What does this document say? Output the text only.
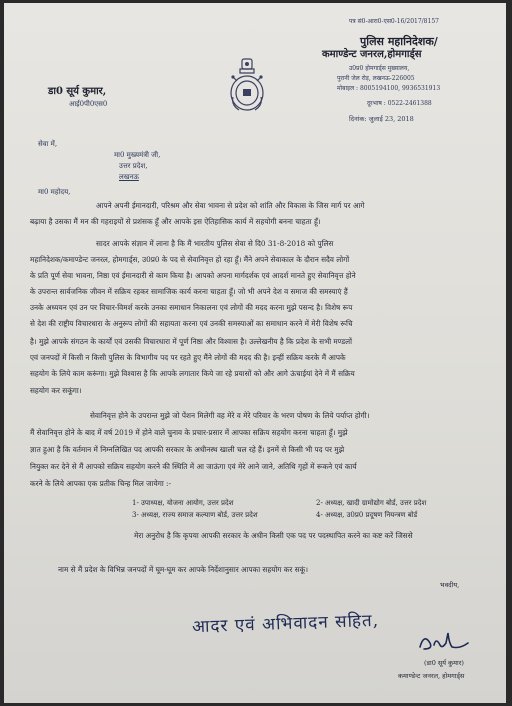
पत्र सं0-आरा0-एस0-16/2017/8157
पुलिस महानिदेशक/
कमाण्डेन्ट जनरल,होमगार्ड्स
उ0प्र0 होमगार्ड्स मुख्यालय,
पुरानी जेल रोड़, लखनऊ-226005
मोबाइल : 8005194100, 9936531913
दूरभाष : 0522-2461388
दिनांक: जुलाई 23, 2018
डा0 सूर्य कुमार,
आई0पी0एस0
सेवा में,
मा0 मुख्यमंत्री जी,
उत्तर प्रदेश,
लखनऊ
मा0 महोदय,
आपने अपनी ईमानदारी, परिश्रम और सेवा भावना से प्रदेश को शांति और विकास के जिस मार्ग पर आगे
बढ़ाया है उसका मैं मन की गहराइयों से प्रशंसक हूँ और आपके इस ऐतिहासिक कार्य में सहयोगी बनना चाहता हूँ।
सादर आपके संज्ञान में लाना है कि मैं भारतीय पुलिस सेवा से दि0 31-8-2018 को पुलिस
महानिदेशक/कमाण्डेन्ट जनरल, होमगार्ड्स, उ0प्र0 के पद से सेवानिवृत्त हो रहा हूँ। मैंने अपने सेवाकाल के दौरान सदैव लोगों
के प्रति पूर्ण सेवा भावना, निष्ठा एवं ईमानदारी से काम किया है। आपको अपना मार्गदर्शक एवं आदर्श मानते हुए सेवानिवृत्त होने
के उपरान्त सार्वजनिक जीवन में सक्रिय रहकर सामाजिक कार्य करना चाहता हूँ। जो भी अपने देश व समाज की समस्याएं हैं
उनके अध्ययन एवं उन पर विचार-विमर्श करके उनका समाधान निकालना एवं लोगों की मदद करना मुझे पसन्द है। विशेष रूप
से देश की राष्ट्रीय विचारधारा के अनुरूप लोगों की सहायता करना एवं उनकी समस्याओं का समाधान करने में मेरी विशेष रूचि
है। मुझे आपके संगठन के कार्यों एवं उसकी विचारधारा में पूर्ण निष्ठा और विश्वास है। उल्लेखनीय है कि प्रदेश के सभी मण्डलों
एवं जनपदों में किसी न किसी पुलिस के विभागीय पद पर रहते हुए मैंने लोगों की मदद की है। इन्हीं सक्रिय करके मैं आपके
सहयोग के लिये काम करूंगा। मुझे विश्वास है कि आपके लगातार किये जा रहे प्रयासों को और आगे ऊंचाईयां देने में मैं सक्रिय
सहयोग कर सकूंगा।
सेवानिवृत्त होने के उपरान्त मुझे जो पेंशन मिलेगी वह मेरे व मेरे परिवार के भरण पोषण के लिये पर्याप्त होगी।
मैं सेवानिवृत्त होने के बाद में वर्ष 2019 में होने वाले चुनाव के प्रचार-प्रसार में आपका सक्रिय सहयोग करना चाहता हूँ। मुझे
ज्ञात हुआ है कि वर्तमान में निम्नलिखित पद आपकी सरकार के अधीनस्थ खाली चल रहे हैं। इनमें से किसी भी पद पर मुझे
नियुक्त कर देने से मैं आपको सक्रिय सहयोग करने की स्थिति में आ जाऊंगा एवं मेरे आने जाने, अतिथि गृहों में रूकने एवं कार्य
करने के लिये आपका एक प्रतीक चिन्ह मिल जायेगा :-
1- उपाध्यक्ष, योजना आयोग, उत्तर प्रदेश	2- अध्यक्ष, खादी ग्रामोद्योग बोर्ड, उत्तर प्रदेश
3- अध्यक्ष, राज्य समाज कल्याण बोर्ड, उत्तर प्रदेश	4- अध्यक्ष, उ0प्र0 प्रदूषण नियन्त्रण बोर्ड
मेरा अनुरोध है कि कृपया आपकी सरकार के अधीन किसी एक पद पर पदस्थापित करने का कष्ट करें जिससे
नाम से मैं प्रदेश के विभिन्न जनपदों में घूम-घूम कर आपके निर्देशानुसार आपका सहयोग कर सकूं।
भवदीय,
आदर एवं अभिवादन सहित,
(डा0 सूर्य कुमार)
कमाण्डेन्ट जनरल, होमगार्ड्स
